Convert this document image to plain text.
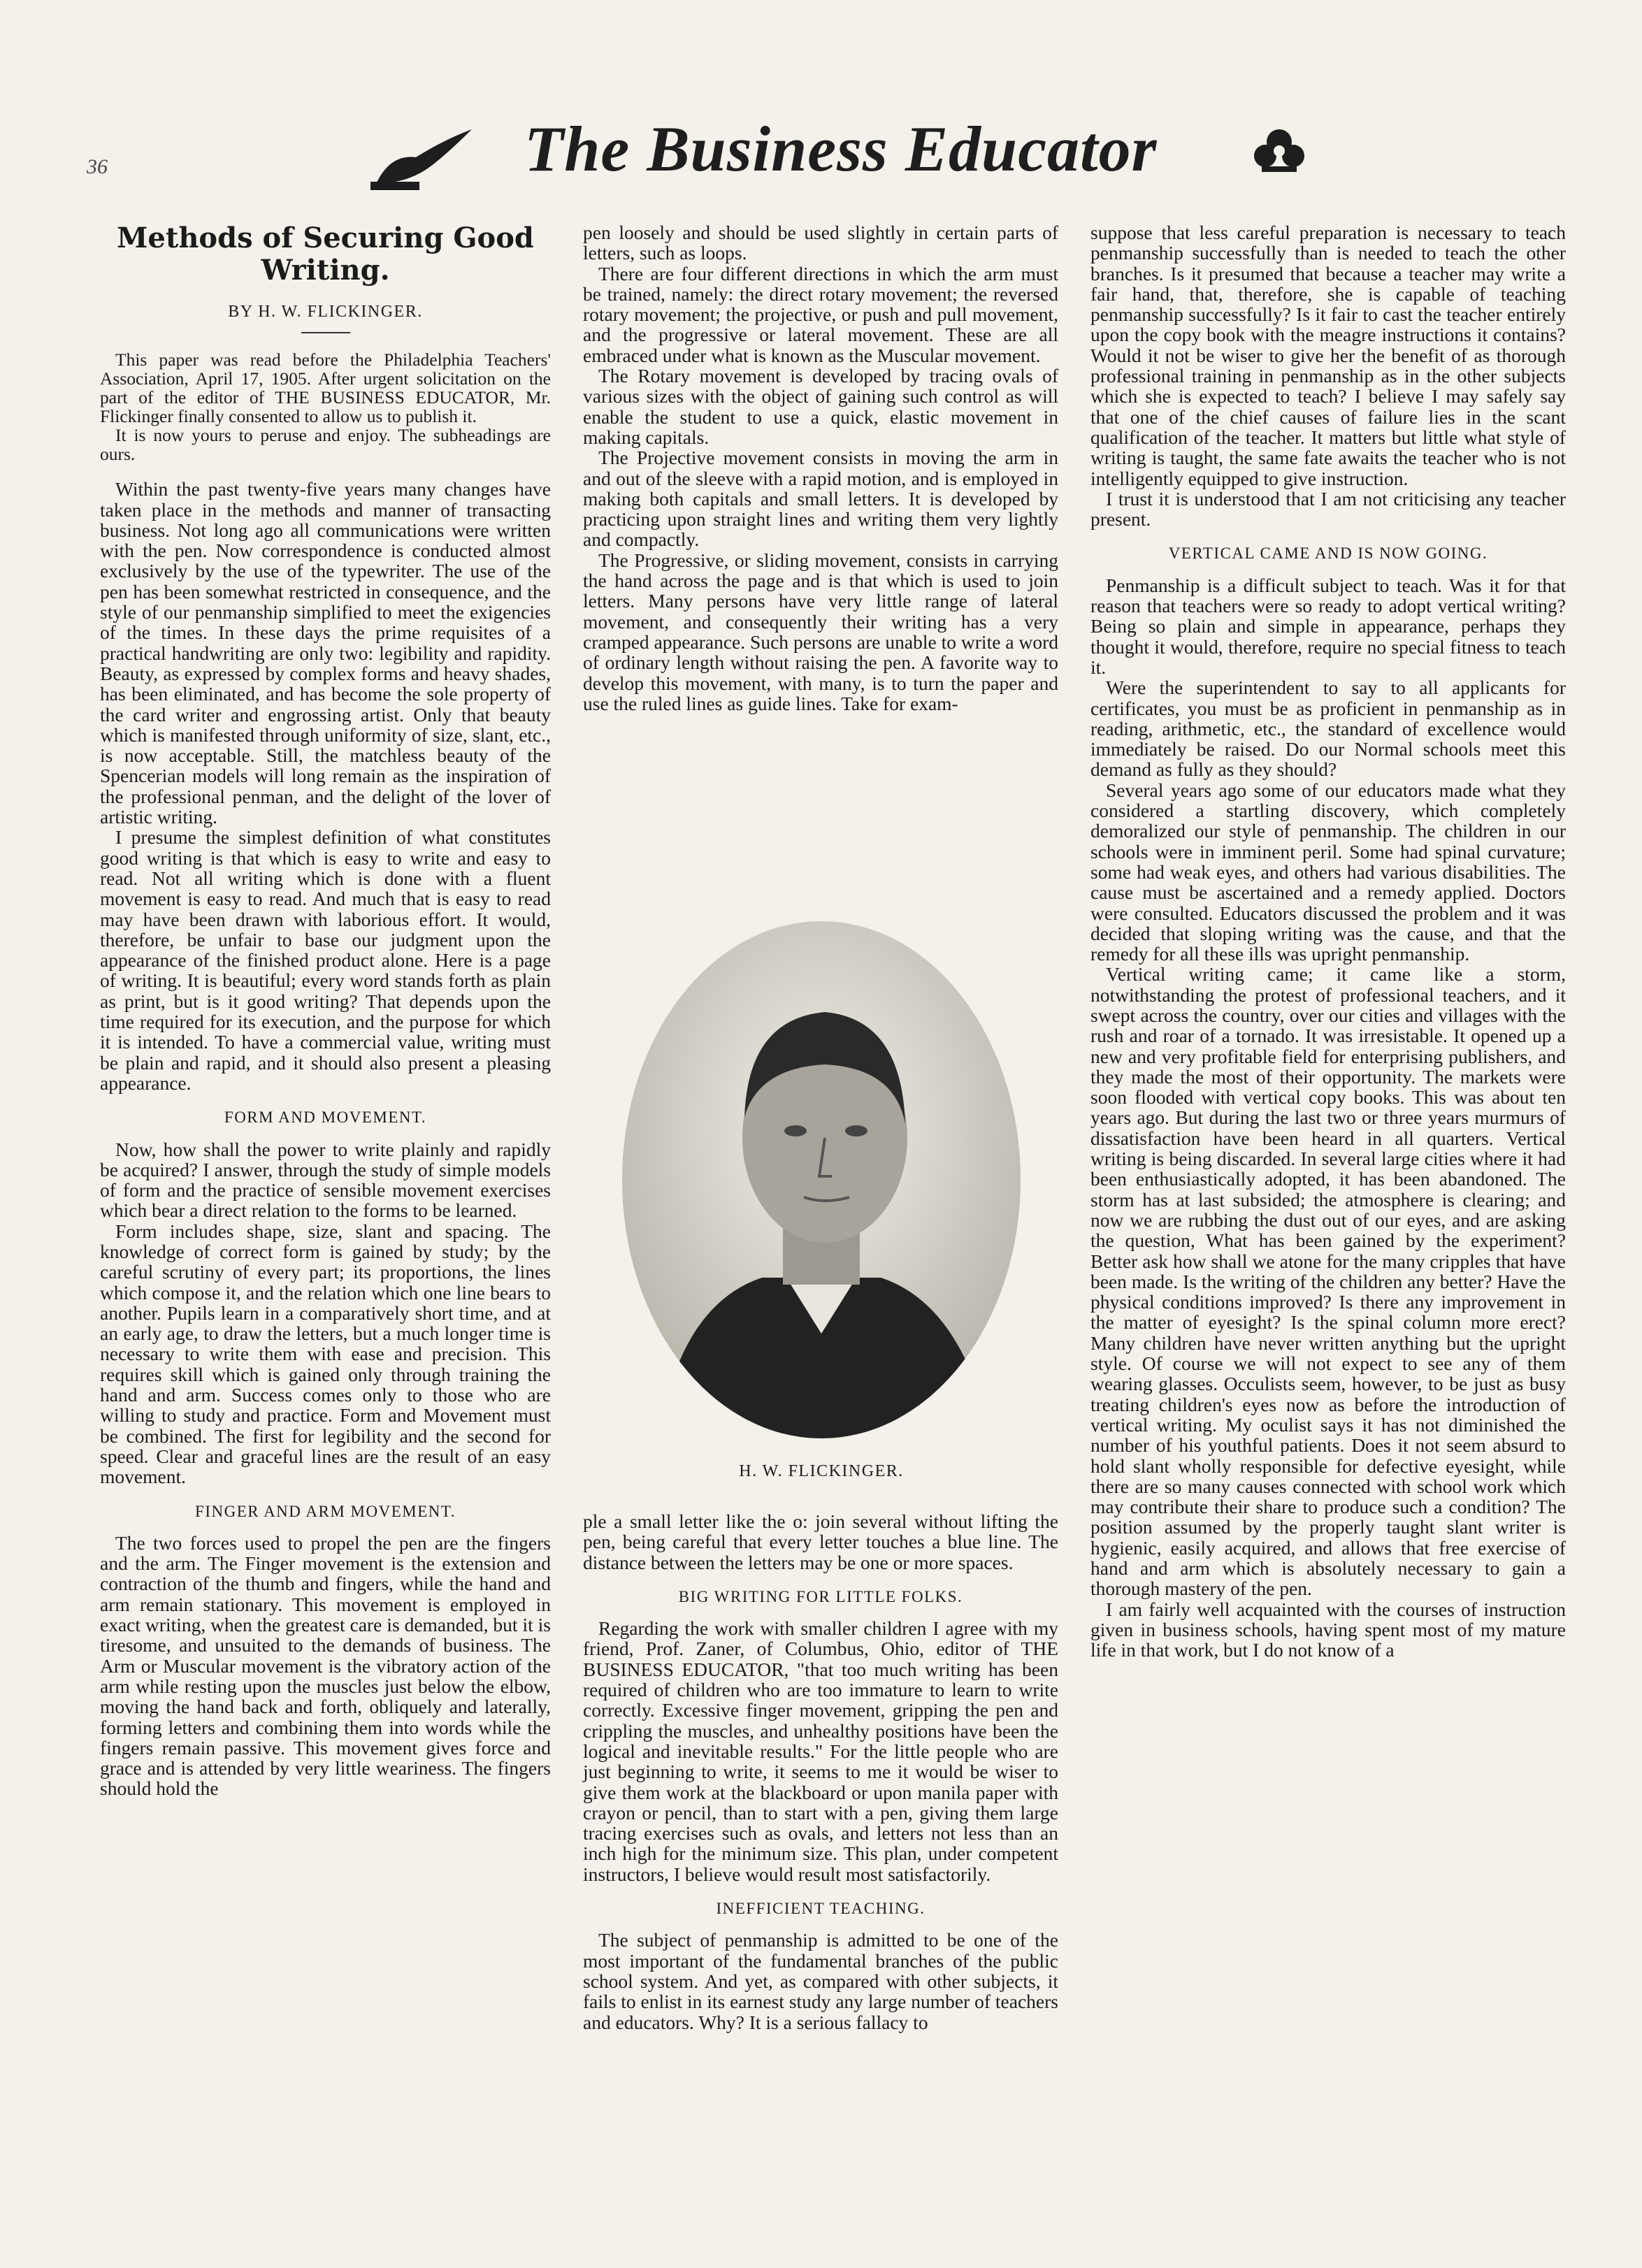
36	The Business Educator
Methods of Securing Good Writing.
BY H. W. FLICKINGER.

This paper was read before the Philadelphia Teachers' Association, April 17, 1905. After urgent solicitation on the part of the editor of THE BUSINESS EDUCATOR, Mr. Flickinger finally consented to allow us to publish it.

It is now yours to peruse and enjoy. The subheadings are ours.

Within the past twenty-five years many changes have taken place in the methods and manner of transacting business. Not long ago all communications were written with the pen. Now correspondence is conducted almost exclusively by the use of the typewriter. The use of the pen has been somewhat restricted in consequence, and the style of our penmanship simplified to meet the exigencies of the times. In these days the prime requisites of a practical handwriting are only two: legibility and rapidity. Beauty, as expressed by complex forms and heavy shades, has been eliminated, and has become the sole property of the card writer and engrossing artist. Only that beauty which is manifested through uniformity of size, slant, etc., is now acceptable. Still, the matchless beauty of the Spencerian models will long remain as the inspiration of the professional penman, and the delight of the lover of artistic writing.

I presume the simplest definition of what constitutes good writing is that which is easy to write and easy to read. Not all writing which is done with a fluent movement is easy to read. And much that is easy to read may have been drawn with laborious effort. It would, therefore, be unfair to base our judgment upon the appearance of the finished product alone. Here is a page of writing. It is beautiful; every word stands forth as plain as print, but is it good writing? That depends upon the time required for its execution, and the purpose for which it is intended. To have a commercial value, writing must be plain and rapid, and it should also present a pleasing appearance.

FORM AND MOVEMENT.

Now, how shall the power to write plainly and rapidly be acquired? I answer, through the study of simple models of form and the practice of sensible movement exercises which bear a direct relation to the forms to be learned.

Form includes shape, size, slant and spacing. The knowledge of correct form is gained by study; by the careful scrutiny of every part; its proportions, the lines which compose it, and the relation which one line bears to another. Pupils learn in a comparatively short time, and at an early age, to draw the letters, but a much longer time is necessary to write them with ease and precision. This requires skill which is gained only through training the hand and arm. Success comes only to those who are willing to study and practice. Form and Movement must be combined. The first for legibility and the second for speed. Clear and graceful lines are the result of an easy movement.

FINGER AND ARM MOVEMENT.

The two forces used to propel the pen are the fingers and the arm. The Finger movement is the extension and contraction of the thumb and fingers, while the hand and arm remain stationary. This movement is employed in exact writing, when the greatest care is demanded, but it is tiresome, and unsuited to the demands of business. The Arm or Muscular movement is the vibratory action of the arm while resting upon the muscles just below the elbow, moving the hand back and forth, obliquely and laterally, forming letters and combining them into words while the fingers remain passive. This movement gives force and grace and is attended by very little weariness. The fingers should hold the

pen loosely and should be used slightly in certain parts of letters, such as loops.

There are four different directions in which the arm must be trained, namely: the direct rotary movement; the reversed rotary movement; the projective, or push and pull movement, and the progressive or lateral movement. These are all embraced under what is known as the Muscular movement.

The Rotary movement is developed by tracing ovals of various sizes with the object of gaining such control as will enable the student to use a quick, elastic movement in making capitals.

The Projective movement consists in moving the arm in and out of the sleeve with a rapid motion, and is employed in making both capitals and small letters. It is developed by practicing upon straight lines and writing them very lightly and compactly.

The Progressive, or sliding movement, consists in carrying the hand across the page and is that which is used to join letters. Many persons have very little range of lateral movement, and consequently their writing has a very cramped appearance. Such persons are unable to write a word of ordinary length without raising the pen. A favorite way to develop this movement, with many, is to turn the paper and use the ruled lines as guide lines. Take for exam-

H. W. FLICKINGER.

ple a small letter like the o: join several without lifting the pen, being careful that every letter touches a blue line. The distance between the letters may be one or more spaces.

BIG WRITING FOR LITTLE FOLKS.

Regarding the work with smaller children I agree with my friend, Prof. Zaner, of Columbus, Ohio, editor of THE BUSINESS EDUCATOR, "that too much writing has been required of children who are too immature to learn to write correctly. Excessive finger movement, gripping the pen and crippling the muscles, and unhealthy positions have been the logical and inevitable results." For the little people who are just beginning to write, it seems to me it would be wiser to give them work at the blackboard or upon manila paper with crayon or pencil, than to start with a pen, giving them large tracing exercises such as ovals, and letters not less than an inch high for the minimum size. This plan, under competent instructors, I believe would result most satisfactorily.

INEFFICIENT TEACHING.

The subject of penmanship is admitted to be one of the most important of the fundamental branches of the public school system. And yet, as compared with other subjects, it fails to enlist in its earnest study any large number of teachers and educators. Why? It is a serious fallacy to

suppose that less careful preparation is necessary to teach penmanship successfully than is needed to teach the other branches. Is it presumed that because a teacher may write a fair hand, that, therefore, she is capable of teaching penmanship successfully? Is it fair to cast the teacher entirely upon the copy book with the meagre instructions it contains? Would it not be wiser to give her the benefit of as thorough professional training in penmanship as in the other subjects which she is expected to teach? I believe I may safely say that one of the chief causes of failure lies in the scant qualification of the teacher. It matters but little what style of writing is taught, the same fate awaits the teacher who is not intelligently equipped to give instruction.

I trust it is understood that I am not criticising any teacher present.

VERTICAL CAME AND IS NOW GOING.

Penmanship is a difficult subject to teach. Was it for that reason that teachers were so ready to adopt vertical writing? Being so plain and simple in appearance, perhaps they thought it would, therefore, require no special fitness to teach it.

Were the superintendent to say to all applicants for certificates, you must be as proficient in penmanship as in reading, arithmetic, etc., the standard of excellence would immediately be raised. Do our Normal schools meet this demand as fully as they should?

Several years ago some of our educators made what they considered a startling discovery, which completely demoralized our style of penmanship. The children in our schools were in imminent peril. Some had spinal curvature; some had weak eyes, and others had various disabilities. The cause must be ascertained and a remedy applied. Doctors were consulted. Educators discussed the problem and it was decided that sloping writing was the cause, and that the remedy for all these ills was upright penmanship.

Vertical writing came; it came like a storm, notwithstanding the protest of professional teachers, and it swept across the country, over our cities and villages with the rush and roar of a tornado. It was irresistable. It opened up a new and very profitable field for enterprising publishers, and they made the most of their opportunity. The markets were soon flooded with vertical copy books. This was about ten years ago. But during the last two or three years murmurs of dissatisfaction have been heard in all quarters. Vertical writing is being discarded. In several large cities where it had been enthusiastically adopted, it has been abandoned. The storm has at last subsided; the atmosphere is clearing; and now we are rubbing the dust out of our eyes, and are asking the question, What has been gained by the experiment? Better ask how shall we atone for the many cripples that have been made. Is the writing of the children any better? Have the physical conditions improved? Is there any improvement in the matter of eyesight? Is the spinal column more erect? Many children have never written anything but the upright style. Of course we will not expect to see any of them wearing glasses. Occulists seem, however, to be just as busy treating children's eyes now as before the introduction of vertical writing. My oculist says it has not diminished the number of his youthful patients. Does it not seem absurd to hold slant wholly responsible for defective eyesight, while there are so many causes connected with school work which may contribute their share to produce such a condition? The position assumed by the properly taught slant writer is hygienic, easily acquired, and allows that free exercise of hand and arm which is absolutely necessary to gain a thorough mastery of the pen.

I am fairly well acquainted with the courses of instruction given in business schools, having spent most of my mature life in that work, but I do not know of a
